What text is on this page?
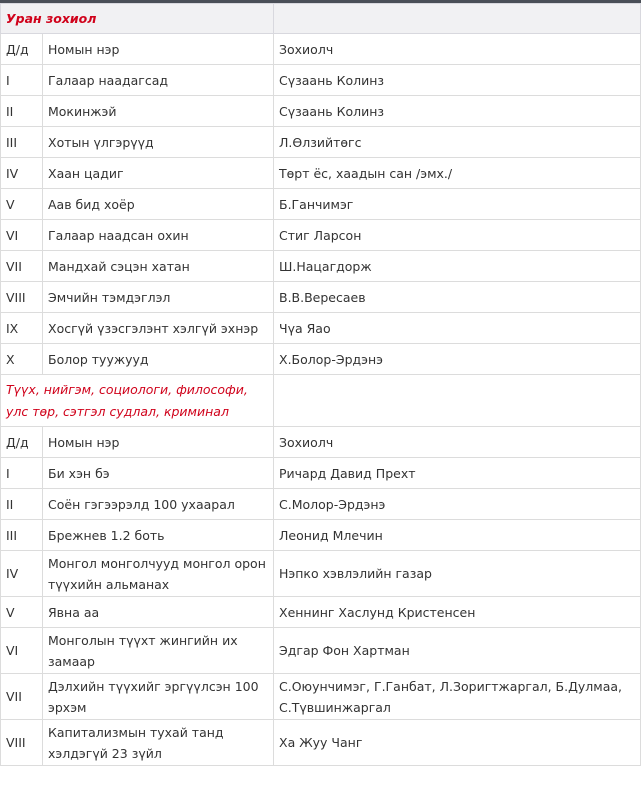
Уран зохиол		
Д/д	Номын нэр	Зохиолч
I	Галаар наадагсад	Сүзаань Колинз
II	Мокинжэй	Сүзаань Колинз
III	Хотын үлгэрүүд	Л.Өлзийтөгс
IV	Хаан цадиг	Төрт ёс, хаадын сан /эмх./
V	Аав бид хоёр	Б.Ганчимэг
VI	Галаар наадсан охин	Стиг Ларсон
VII	Мандхай сэцэн хатан	Ш.Нацагдорж
VIII	Эмчийн тэмдэглэл	В.В.Вересаев
IX	Хосгүй үзэсгэлэнт хэлгүй эхнэр	Чүа Яао
X	Болор туужууд	Х.Болор-Эрдэнэ
Түүх, нийгэм, социологи, философи, улс төр, сэтгэл судлал, криминал		
Д/д	Номын нэр	Зохиолч
I	Би хэн бэ	Ричард Давид Прехт
II	Соён гэгээрэлд 100 ухаарал	С.Молор-Эрдэнэ
III	Брежнев 1.2 боть	Леонид Млечин
IV	Монгол монголчууд монгол орон түүхийн альманах	Нэпко хэвлэлийн газар
V	Явна аа	Хеннинг Хаслунд Кристенсен
VI	Монголын түүхт жингийн их замаар	Эдгар Фон Хартман
VII	Дэлхийн түүхийг эргүүлсэн 100 эрхэм	С.Оюунчимэг, Г.Ганбат, Л.Зоригтжаргал, Б.Дулмаа, С.Түвшинжаргал
VIII	Капитализмын тухай танд хэлдэгүй 23 зүйл	Ха Жуу Чанг
